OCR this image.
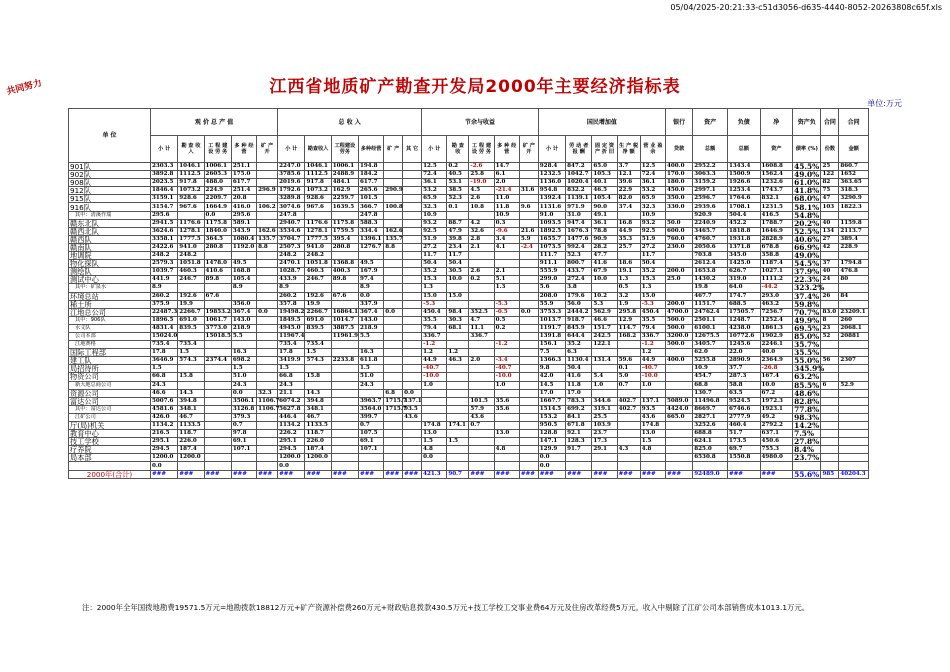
05/04/2025-20:21:33-c51d3056-d635-4440-8052-20263808c65f.xls
共同努力	江西省地质矿产勘查开发局2000年主要经济指标表
单位:万元
单 位	观 价 总 产 值					总 收 入						节余与收益					国民增加值					银行	资产	负债	净	资产负	合同	合同
	小 计	勘 查 收 入	工 程 建 设 劳 务	多 种 经 营	矿 产 开	小 计	勘查收入	工程建设劳务	多种经营	矿 产	其 它	小 计	勘 查 收	工 程 建 设 劳 务	多 种 经 营	矿 产 开	小 计	劳 动 者 报 酬	固 定 资 产 折 旧	生 产 税 净 额	营 业 盈 余	贷款	总额	总额	资产	债率 (%)	份数	金额
901队	2303.3	1046.1	1006.1	251.1		2247.0	1046.1	1006.1	194.8			12.5	0.2	-2.6	14.7		928.4	847.2	65.0	3.7	12.5	400.0	2952.2	1343.4	1608.8	45.5%	25	860.7
902队	3892.8	1112.5	2605.3	175.0		3785.6	1112.5	2488.9	184.2			72.4	40.5	25.8	6.1		1232.5	1042.7	105.3	12.1	72.4	170.0	3063.3	1500.9	1562.4	49.0%	122	1652
908队	2023.5	917.8	488.0	617.7		2019.6	917.8	484.1	617.7			36.1	53.1	-19.0	2.0		1136.0	1020.4	40.1	39.6	36.1	180.0	3159.2	1926.6	1232.6	61.0%	82	363.65
912队	1846.4	1073.2	224.9	251.4	296.9	1792.6	1073.2	162.9	265.6	290.9		53.2	38.5	4.5	-21.4	31.6	954.8	832.2	46.5	22.9	53.2	450.0	2997.1	1253.4	1743.7	41.8%	75	318.3
915队	3159.1	928.6	2209.7	20.8		3289.8	928.6	2259.7	101.5			65.9	52.3	2.6	11.0		1392.4	1139.1	105.4	82.0	65.9	350.0	2596.7	1764.6	832.1	68.0%	47	3290.9
916队	3154.7	967.6	1664.9	416.0	106.2	3074.6	967.6	1639.5	366.7	100.8		32.3	0.1	10.8	11.8	9.6	1131.6	971.9	90.0	37.4	32.3	330.0	2939.6	1708.1	1231.5	58.1%	103	1822.3
其中：清溪作瑞	295.6		0.0	295.6		247.8			247.8			10.9			10.9		91.0	31.0	49.1		10.9		920.9	504.4	416.5	54.8%		
赣东北队	2941.5	1176.6	1175.8	589.1		2940.7	1176.6	1175.8	588.3			93.2	88.7	4.2	0.3		1093.5	947.4	36.1	16.8	93.2	50.0	2240.9	452.2	1788.7	20.2%	40	1159.8
赣西北队	3624.6	1278.1	1840.0	343.9	162.6	3534.6	1278.1	1759.5	334.4	162.6		92.5	47.9	32.6	-9.6	21.6	1892.5	1676.3	78.8	44.9	92.5	600.0	3465.7	1818.8	1646.9	52.5%	134	2113.7
赣西队	3358.1	1777.5	364.5	1080.4	135.7	3704.7	1777.5	395.4	1396.1	135.7		51.9	39.8	2.8	3.4	5.9	1655.7	1477.6	90.9	35.3	51.9	760.0	4760.7	1931.8	2828.9	40.6%	27	389.4
赣南队	2422.6	941.0	280.8	1192.0	8.8	2507.3	941.0	280.8	1276.7	8.8		27.2	23.4	2.1	4.1	-2.4	1073.5	992.4	28.2	25.7	27.2	230.0	2050.6	1371.8	678.8	66.9%	42	228.9
地调院	248.2	248.2				248.2	248.2					11.7	11.7				111.7	52.3	47.7		11.7		703.8	345.0	358.8	49.0%		
物化探队	2579.3	1051.8	1478.0	49.5		2470.1	1051.8	1368.8	49.5			50.4	50.4				911.1	800.7	41.6	18.6	50.4		2612.4	1425.0	1187.4	54.5%	37	1794.8
测绘队	1039.7	460.3	410.6	168.8		1028.7	460.3	400.3	167.9			35.2	30.5	2.6	2.1		555.9	433.7	67.9	19.1	35.2	200.0	1653.8	626.7	1027.1	37.9%	40	476.8
测试中心	441.9	246.7	89.8	105.4		433.9	246.7	89.8	97.4			15.3	10.0	0.2	5.1		299.0	272.4	10.0	1.3	15.3	25.0	1430.2	319.0	1111.2	22.3%	24	80
其中：矿泉水	8.9			8.9		8.9			8.9			1.3			1.3		5.6	3.8		0.5	1.3		19.8	64.0	-44.2	323.2%		
环境总站	260.2	192.6	67.6			260.2	192.6	67.6	0.0			15.0	15.0				208.0	179.6	10.2	3.2	15.0		467.7	174.7	293.0	37.4%	26	84
稀土所	375.9	19.9		356.0		357.8	19.9		337.9			-5.3			-5.3		55.9	56.0	5.3	1.9	-5.3	200.0	1151.7	688.5	463.2	59.8%		
江地总公司	22487.3	2266.7	19853.2	367.4	0.0	19498.2	2266.7	16864.1	367.4	0.0		450.4	98.4	352.5	-0.5	0.0	3753.3	2444.2	562.9	295.8	450.4	4700.0	24762.4	17505.7	7256.7	70.7%	83.0	23209.1
其中：906队	1896.5	691.0	1061.7	143.0		1849.5	691.0	1014.7	143.0			35.5	30.3	4.7	0.5		1013.7	918.7	46.6	12.9	35.5	500.0	2501.1	1248.7	1252.4	49.9%	8	260
水文队	4831.4	839.5	3773.0	218.9		4945.0	839.5	3887.5	218.9			79.4	68.1	11.1	0.2		1191.7	845.9	151.7	114.7	79.4	500.0	6100.1	4238.0	1861.3	69.5%	23	2068.1
公司本部	15024.0		15018.5	5.5		11967.4		11961.9	5.5			336.7		336.7			1391.8	644.4	242.5	168.2	336.7	3200.0	12675.5	10772.6	1902.9	85.0%	52	20881
江地赛格	735.4	735.4				735.4	735.4					-1.2			-1.2		156.1	35.2	122.1		-1.2	500.0	3405.7	1245.6	2246.1	35.7%		
国际工程部	17.8	1.5		16.3		17.8	1.5		16.3			1.2	1.2				7.5	6.3			1.2		62.0	22.0	40.0	35.5%		
建工队	3646.9	574.3	2374.4	698.2		3419.9	574.3	2233.8	611.8			44.9	46.3	2.0	-3.4		1366.3	1130.4	131.4	59.6	44.9	400.0	5255.8	2890.9	2364.9	55.0%	56	2307
局招待所	1.5			1.5		1.5			1.5			-40.7			-40.7		9.8	50.4		0.1	-40.7		10.9	37.7	-26.8	345.9%		
物资公司	66.8	15.8		51.0		66.8	15.8		51.0			-10.0			-10.0		42.0	41.6	5.4	5.0	-10.0		454.7	287.3	167.4	63.2%		
新大地总商公司	24.3			24.3		24.3			24.3			1.0			1.0		14.5	11.8	1.0	0.7	1.0		68.8	58.8	10.0	85.5%	6	52.9
资源公司	46.6	14.3		0.0	32.3	21.1	14.3			6.8	0.0						17.0	17.0					130.7	63.5	67.2	48.6%		
富达公司	5007.6	394.8		3506.1	1106.7	6074.2	394.8		3963.7	1715.7	137.1			101.5	35.6		1667.7	783.3	344.6	402.7	137.1	5089.0	11496.8	9524.5	1972.3	82.8%		
其中：富达公司	4581.6	348.1		3126.8	1106.7	5627.8	348.1		3564.0	1715.7	93.5			57.9	35.6		1514.5	699.2	319.1	402.7	93.5	4424.0	8669.7	6746.6	1923.1	77.8%		
江矿公司	426.0	46.7		379.3		446.4	46.7		399.7		43.6			43.6			153.2	84.1	25.5		43.6	665.0	2827.1	2777.9	49.2	98.3%		
厅(局)机关	1134.2	1133.5		0.7		1134.2	1133.5		0.7			174.8	174.1	0.7			950.5	671.8	103.9		174.8		3252.6	460.4	2792.2	14.2%		
教育中心	216.5	118.7		97.8		226.2	118.7		107.5			13.0			13.0		128.8	92.1	23.7		13.0		688.8	51.7	637.1	7.5%		
技工学校	295.1	226.0		69.1		295.1	226.0		69.1			1.5	1.5				147.1	128.3	17.3		1.5		624.1	173.5	450.6	27.8%		
疗养院	294.5	187.4		107.1		294.5	187.4		107.1			4.8			4.8		129.9	91.7	29.1	4.3	4.8		825.0	69.7	755.3	8.4%		
局本部	1200.0	1200.0				1200.0	1200.0					0.0					0.0						6530.8	1550.8	4980.0	23.7%		
	0.0					0.0											0.0											
2000年(合计)	###	###	###	###	###	###	###	###	###	###	###	421.3	90.7	###	###	###	###	###	###	###	###	###	92489.0	###	###	55.6%	985	40204.3
注：2000年全年国拨地勘费19571.5万元=地勘拨款18812万元+矿产资源补偿费260万元+财政贴息拨款430.5万元+技工学校工交事业费64万元及住房改革经费5万元。收入中剔除了江矿公司本部销售成本1013.1万元。
